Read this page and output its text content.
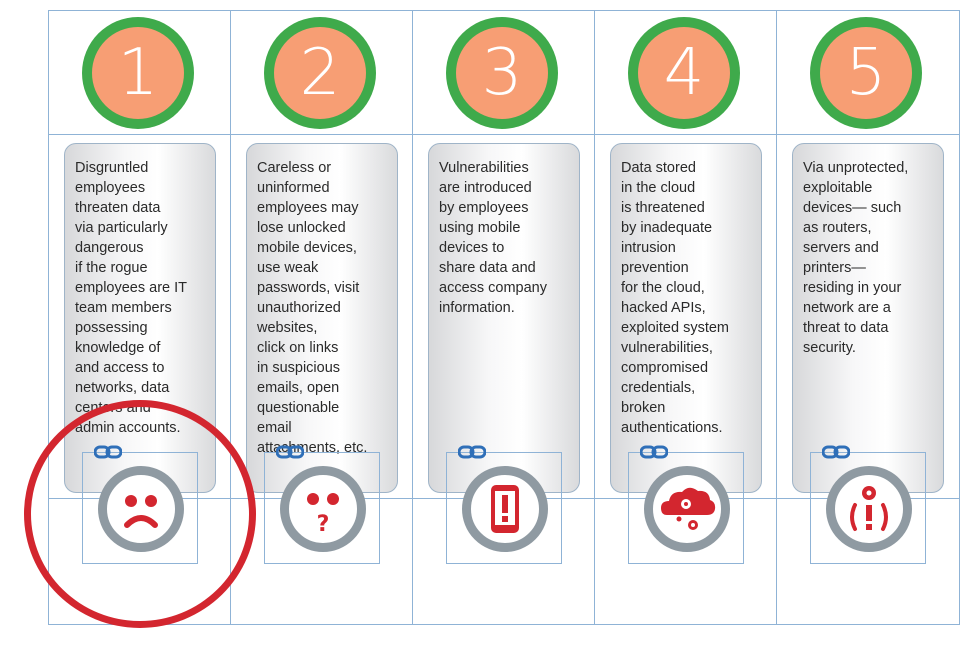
1
Disgruntled
employees
threaten data
via particularly
dangerous
if the rogue
employees are IT
team members
possessing
knowledge of
and access to
networks, data
centers and
admin accounts.
2
Careless or
uninformed
employees may
lose unlocked
mobile devices,
use weak
passwords, visit
unauthorized
websites,
click on links
in suspicious
emails, open
questionable
email
attachments, etc.
?
3
Vulnerabilities
are introduced
by employees
using mobile
devices to
share data and
access company
information.
4
Data stored
in the cloud
is threatened
by inadequate
intrusion
prevention
for the cloud,
hacked APIs,
exploited system
vulnerabilities,
compromised
credentials,
broken
authentications.
5
Via unprotected,
exploitable
devices— such
as routers,
servers and
printers—
residing in your
network are a
threat to data
security.
